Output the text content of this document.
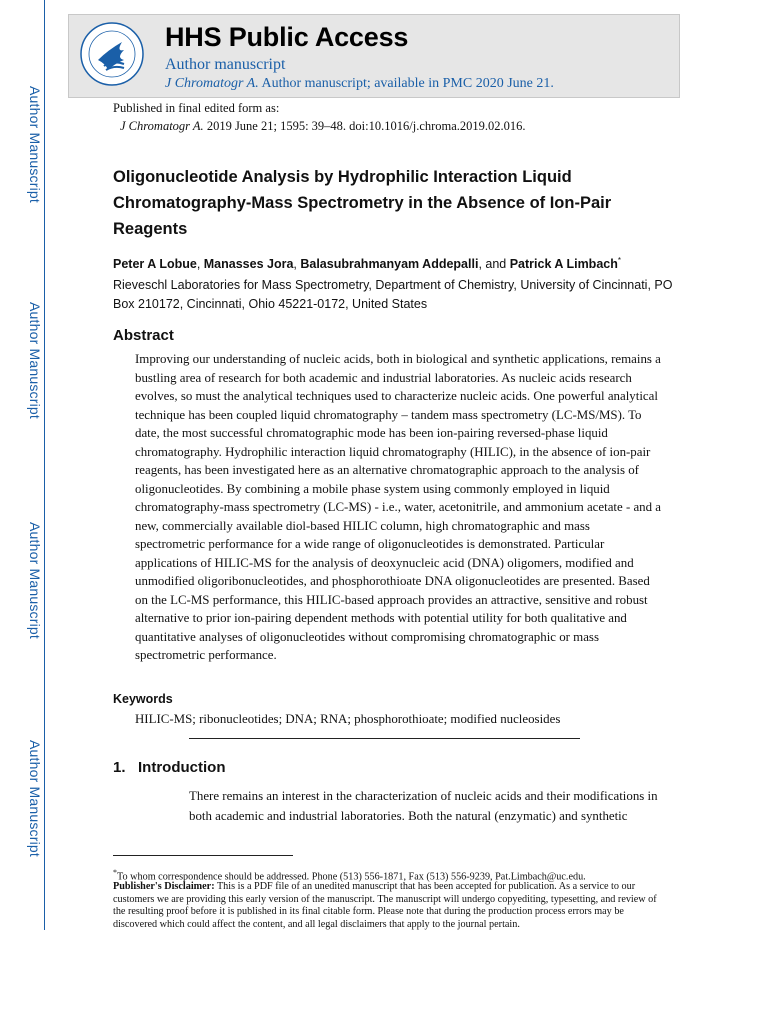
Author Manuscript
Author Manuscript
Author Manuscript
Author Manuscript
HHS Public Access
Author manuscript
J Chromatogr A. Author manuscript; available in PMC 2020 June 21.
Published in final edited form as:
J Chromatogr A. 2019 June 21; 1595: 39–48. doi:10.1016/j.chroma.2019.02.016.
Oligonucleotide Analysis by Hydrophilic Interaction Liquid Chromatography-Mass Spectrometry in the Absence of Ion-Pair Reagents
Peter A Lobue, Manasses Jora, Balasubrahmanyam Addepalli, and Patrick A Limbach*
Rieveschl Laboratories for Mass Spectrometry, Department of Chemistry, University of Cincinnati, PO Box 210172, Cincinnati, Ohio 45221-0172, United States
Abstract
Improving our understanding of nucleic acids, both in biological and synthetic applications, remains a bustling area of research for both academic and industrial laboratories. As nucleic acids research evolves, so must the analytical techniques used to characterize nucleic acids. One powerful analytical technique has been coupled liquid chromatography – tandem mass spectrometry (LC-MS/MS). To date, the most successful chromatographic mode has been ion-pairing reversed-phase liquid chromatography. Hydrophilic interaction liquid chromatography (HILIC), in the absence of ion-pair reagents, has been investigated here as an alternative chromatographic approach to the analysis of oligonucleotides. By combining a mobile phase system using commonly employed in liquid chromatography-mass spectrometry (LC-MS) - i.e., water, acetonitrile, and ammonium acetate - and a new, commercially available diol-based HILIC column, high chromatographic and mass spectrometric performance for a wide range of oligonucleotides is demonstrated. Particular applications of HILIC-MS for the analysis of deoxynucleic acid (DNA) oligomers, modified and unmodified oligoribonucleotides, and phosphorothioate DNA oligonucleotides are presented. Based on the LC-MS performance, this HILIC-based approach provides an attractive, sensitive and robust alternative to prior ion-pairing dependent methods with potential utility for both qualitative and quantitative analyses of oligonucleotides without compromising chromatographic or mass spectrometric performance.
Keywords
HILIC-MS; ribonucleotides; DNA; RNA; phosphorothioate; modified nucleosides
1.   Introduction
There remains an interest in the characterization of nucleic acids and their modifications in both academic and industrial laboratories. Both the natural (enzymatic) and synthetic
*To whom correspondence should be addressed. Phone (513) 556-1871, Fax (513) 556-9239, Pat.Limbach@uc.edu.
Publisher's Disclaimer: This is a PDF file of an unedited manuscript that has been accepted for publication. As a service to our customers we are providing this early version of the manuscript. The manuscript will undergo copyediting, typesetting, and review of the resulting proof before it is published in its final citable form. Please note that during the production process errors may be discovered which could affect the content, and all legal disclaimers that apply to the journal pertain.
